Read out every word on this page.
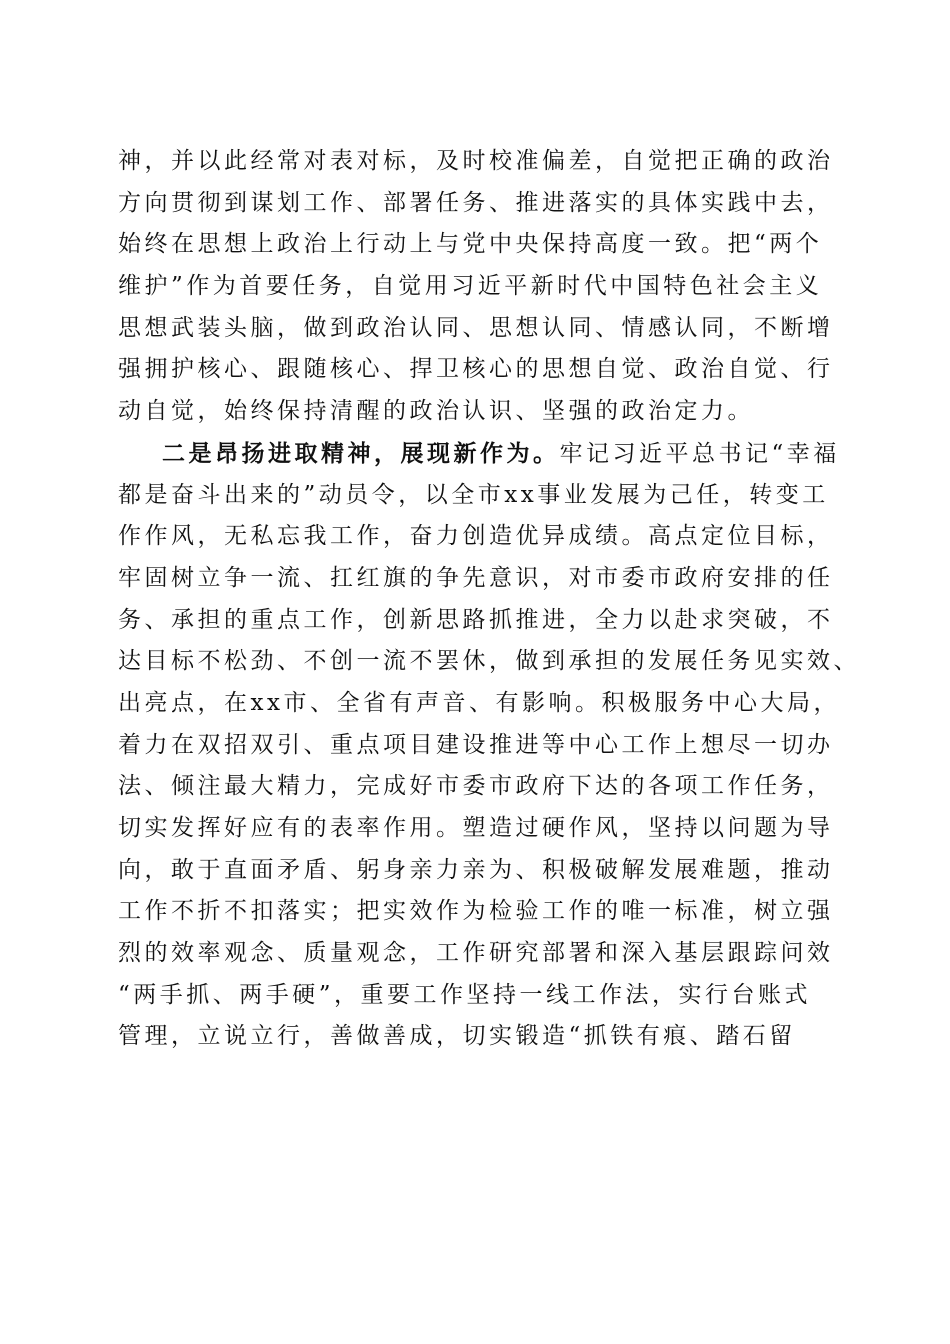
神，并以此经常对表对标，及时校准偏差，自觉把正确的政治
方向贯彻到谋划工作、部署任务、推进落实的具体实践中去，
始终在思想上政治上行动上与党中央保持高度一致。把“两个
维护”作为首要任务，自觉用习近平新时代中国特色社会主义
思想武装头脑，做到政治认同、思想认同、情感认同，不断增
强拥护核心、跟随核心、捍卫核心的思想自觉、政治自觉、行
动自觉，始终保持清醒的政治认识、坚强的政治定力。
二是昂扬进取精神，展现新作为。牢记习近平总书记“幸福
都是奋斗出来的”动员令，以全市xx事业发展为己任，转变工
作作风，无私忘我工作，奋力创造优异成绩。高点定位目标，
牢固树立争一流、扛红旗的争先意识，对市委市政府安排的任
务、承担的重点工作，创新思路抓推进，全力以赴求突破，不
达目标不松劲、不创一流不罢休，做到承担的发展任务见实效、
出亮点，在xx市、全省有声音、有影响。积极服务中心大局，
着力在双招双引、重点项目建设推进等中心工作上想尽一切办
法、倾注最大精力，完成好市委市政府下达的各项工作任务，
切实发挥好应有的表率作用。塑造过硬作风，坚持以问题为导
向，敢于直面矛盾、躬身亲力亲为、积极破解发展难题，推动
工作不折不扣落实；把实效作为检验工作的唯一标准，树立强
烈的效率观念、质量观念，工作研究部署和深入基层跟踪问效
“两手抓、两手硬”，重要工作坚持一线工作法，实行台账式
管理，立说立行，善做善成，切实锻造“抓铁有痕、踏石留
